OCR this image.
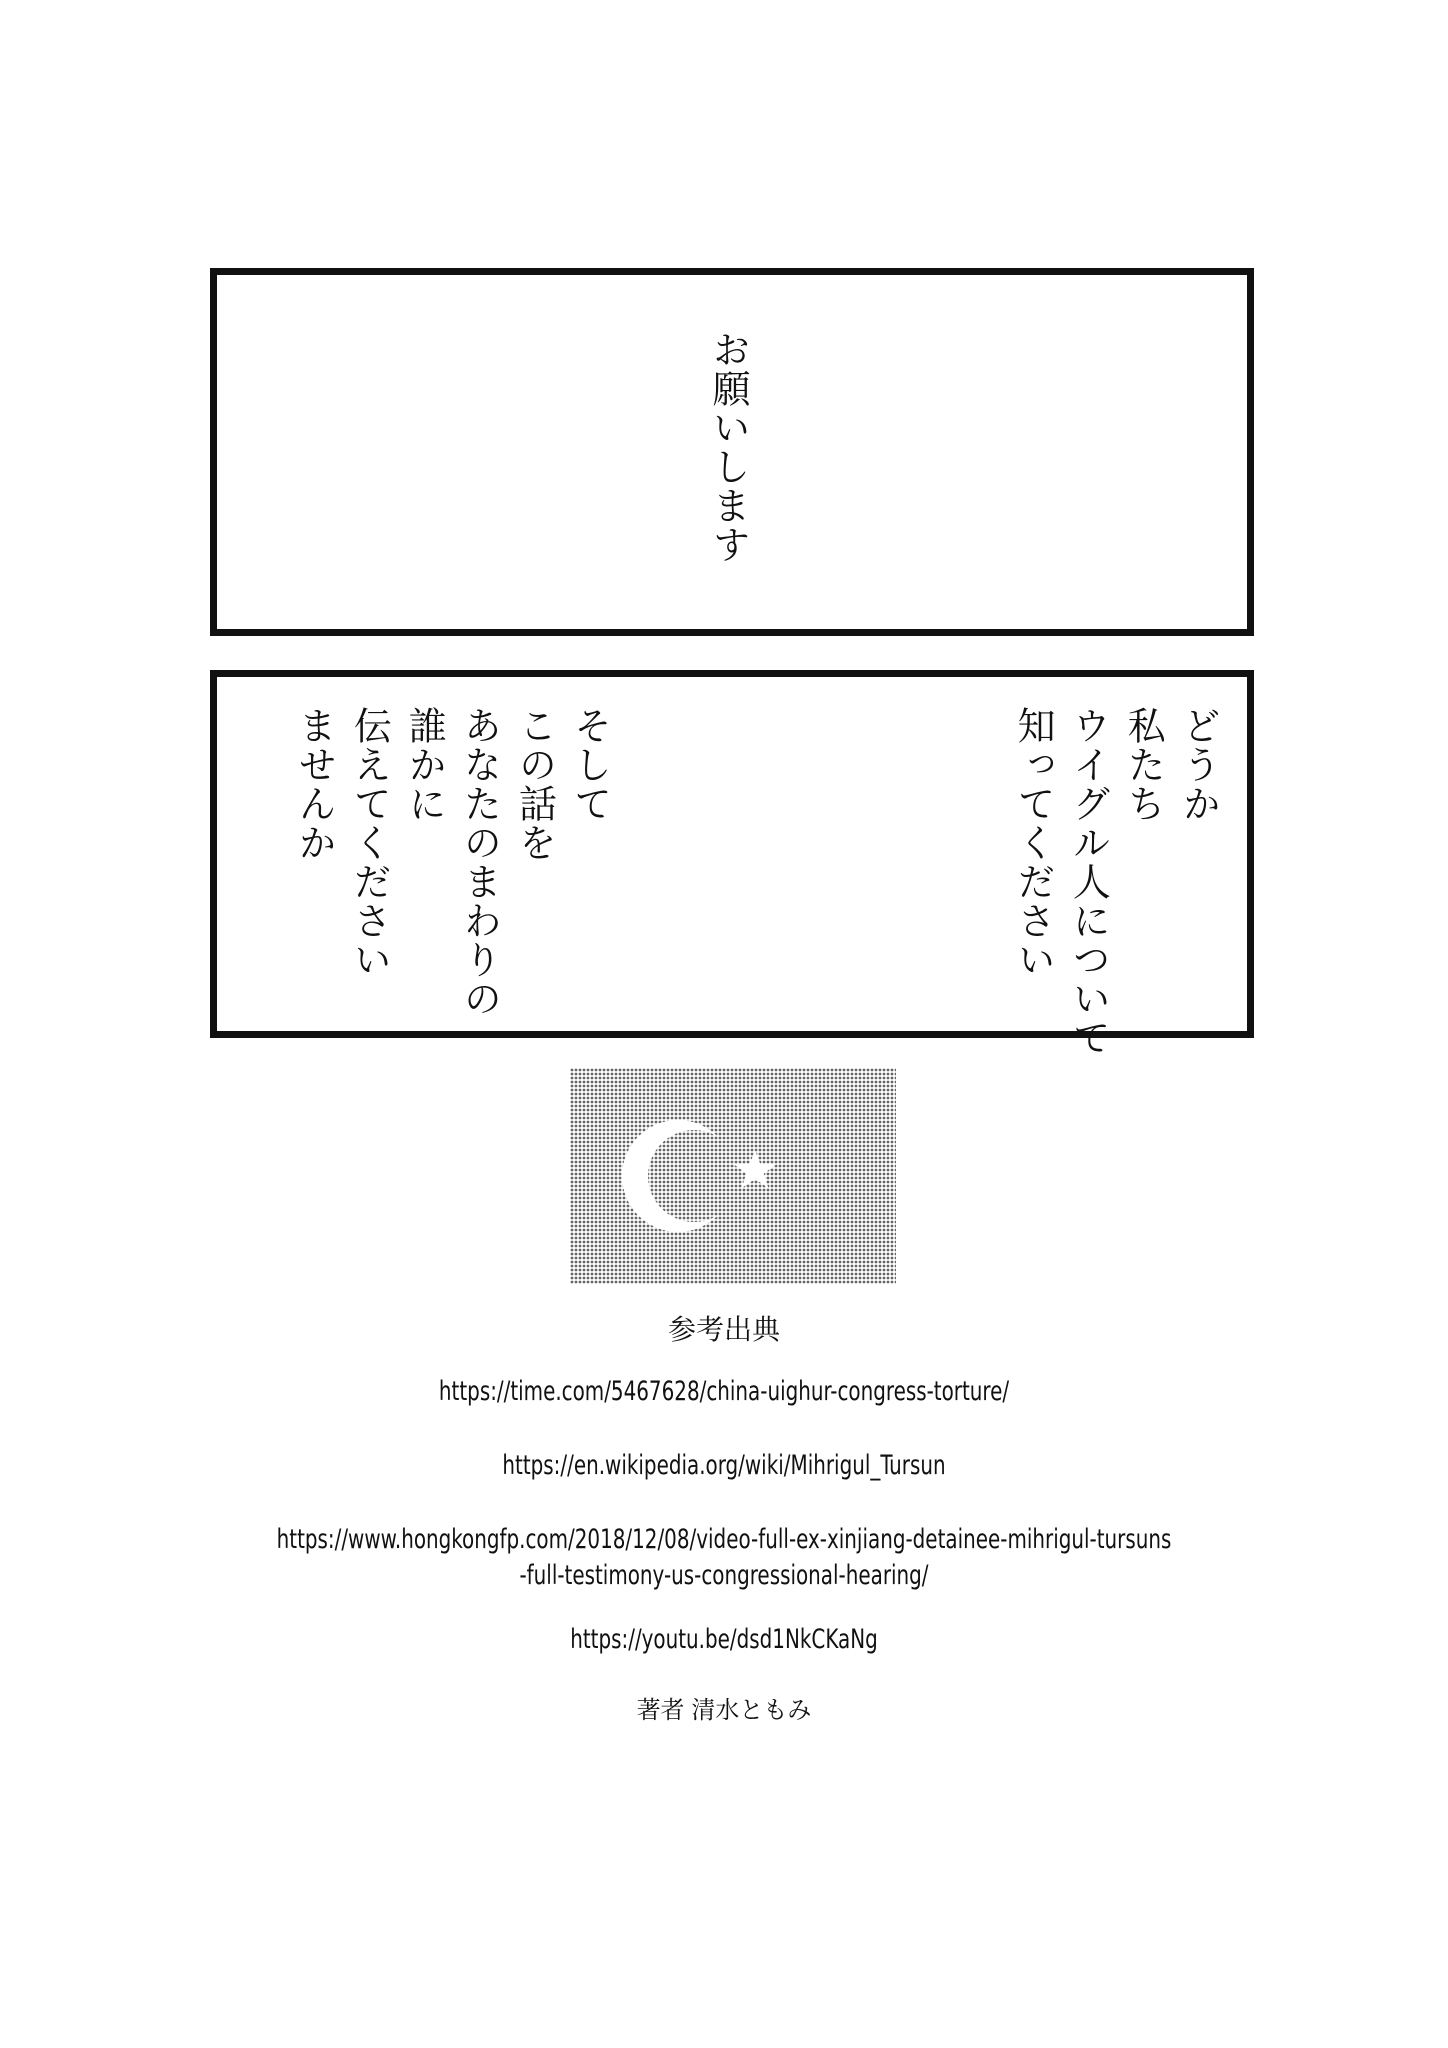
お願いします
どうか
私たち
ウイグル人について
知ってください
そして
この話を
あなたのまわりの
誰かに
伝えてください
ませんか
参考出典
https://time.com/5467628/china-uighur-congress-torture/
https://en.wikipedia.org/wiki/Mihrigul_Tursun
https://www.hongkongfp.com/2018/12/08/video-full-ex-xinjiang-detainee-mihrigul-tursuns
-full-testimony-us-congressional-hearing/
https://youtu.be/dsd1NkCKaNg
著者 清水ともみ
